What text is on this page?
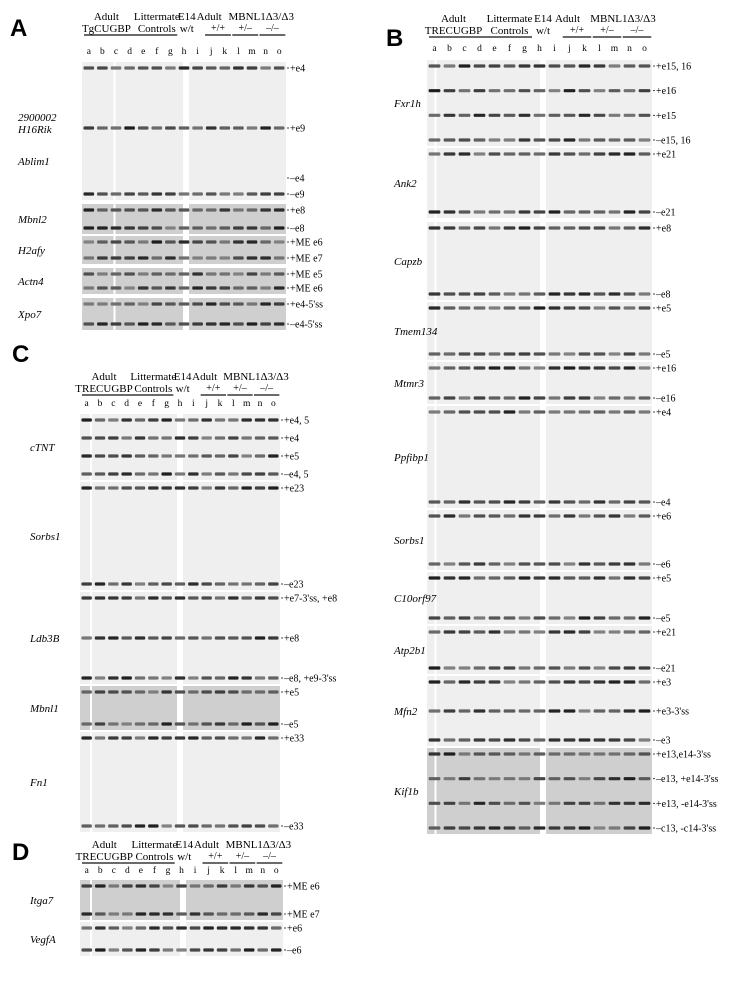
A	Adult
TgCUGBP
Littermate
Controls
E14
w/t
Adult MBNL1Δ3/Δ3
+/+ +/– –/–
a b c d e f g h i j k l m n o
+e4
–e4
2900002
H16Rik	+e9
–e9
Ablim1
+e8
–e8
Mbnl2
+ME e6
+ME e7
H2afy
+ME e5
+ME e6
Actn4
+e4-5'ss
–e4-5'ss
Xpo7
B
Adult
TRECUGBP
Littermate
Controls
E14
w/t
Adult MBNL1Δ3/Δ3
+/+ +/– –/–
a b c d e f g h i j k l m n o
+e15, 16
+e16
+e15
–e15, 16
Fxr1h
+e21
–e21
Ank2
+e8
–e8
Capzb
+e5
–e5
Tmem134
+e16
–e16
Mtmr3
+e4
–e4
Ppfibp1
+e6
–e6
Sorbs1
+e5
–e5
C10orf97
+e21
–e21
Atp2b1
+e3
+e3-3'ss
–e3
Mfn2
+e13,e14-3'ss
–e13, +e14-3'ss
+e13, -e14-3'ss
–c13, -c14-3'ss
Kif1b
C
Adult
TRECUGBP
Littermate
Controls
E14
w/t
Adult MBNL1Δ3/Δ3
+/+ +/– –/–
a b c d e f g h i j k l m n o
+e4, 5
+e4
+e5
–e4, 5
cTNT
+e23
–e23
Sorbs1
+e7-3'ss, +e8
+e8
–e8, +e9-3'ss
Ldb3B
+e5
–e5
Mbnl1
+e33
–e33
Fn1
D	Adult
TRECUGBP
Littermate
Controls
E14
w/t
Adult MBNL1Δ3/Δ3
+/+ +/– –/–
a b c d e f g h i j k l m n o
+ME e6
+ME e7
Itga7
+e6
–e6
VegfA
